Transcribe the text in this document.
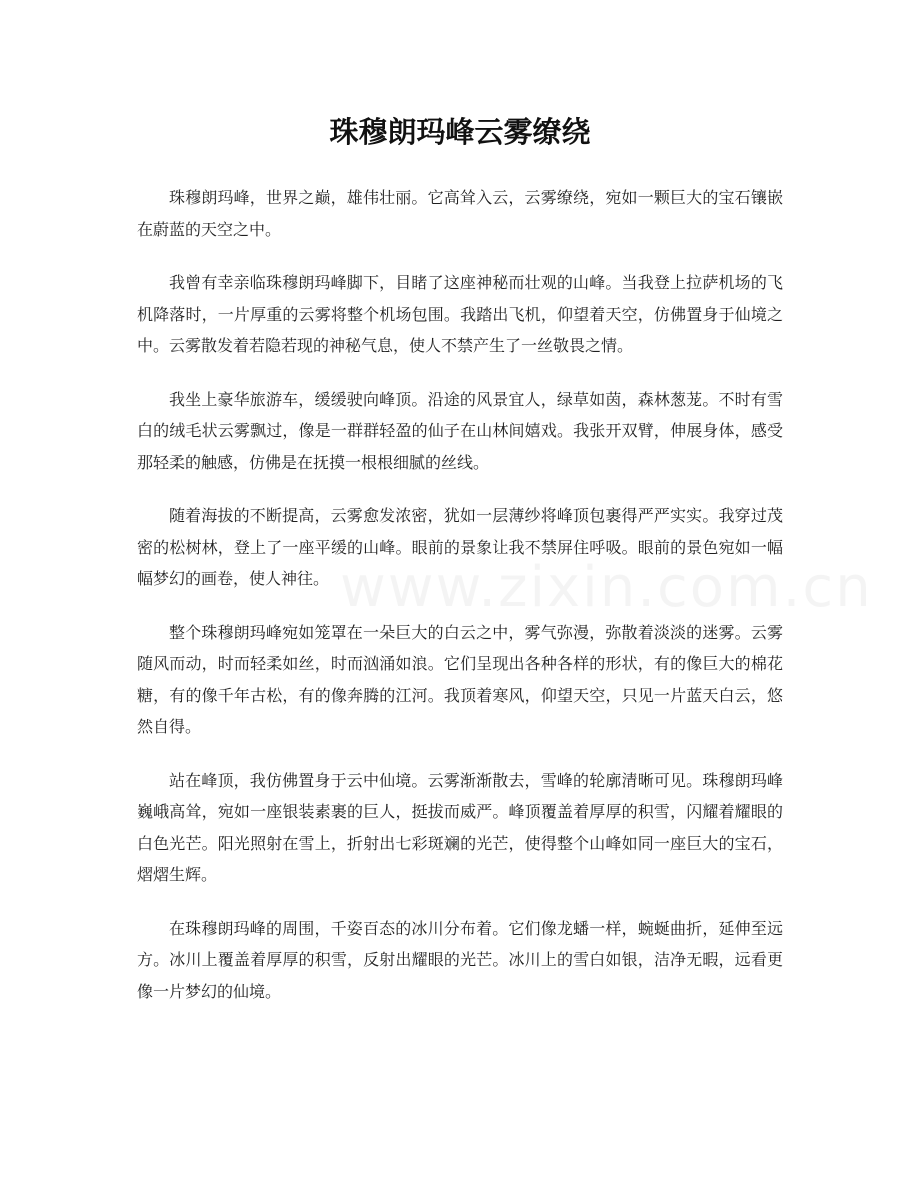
珠穆朗玛峰云雾缭绕

珠穆朗玛峰，世界之巅，雄伟壮丽。它高耸入云，云雾缭绕，宛如一颗巨大的宝石镶嵌在蔚蓝的天空之中。

我曾有幸亲临珠穆朗玛峰脚下，目睹了这座神秘而壮观的山峰。当我登上拉萨机场的飞机降落时，一片厚重的云雾将整个机场包围。我踏出飞机，仰望着天空，仿佛置身于仙境之中。云雾散发着若隐若现的神秘气息，使人不禁产生了一丝敬畏之情。

我坐上豪华旅游车，缓缓驶向峰顶。沿途的风景宜人，绿草如茵，森林葱茏。不时有雪白的绒毛状云雾飘过，像是一群群轻盈的仙子在山林间嬉戏。我张开双臂，伸展身体，感受那轻柔的触感，仿佛是在抚摸一根根细腻的丝线。

随着海拔的不断提高，云雾愈发浓密，犹如一层薄纱将峰顶包裹得严严实实。我穿过茂密的松树林，登上了一座平缓的山峰。眼前的景象让我不禁屏住呼吸。眼前的景色宛如一幅幅梦幻的画卷，使人神往。

整个珠穆朗玛峰宛如笼罩在一朵巨大的白云之中，雾气弥漫，弥散着淡淡的迷雾。云雾随风而动，时而轻柔如丝，时而汹涌如浪。它们呈现出各种各样的形状，有的像巨大的棉花糖，有的像千年古松，有的像奔腾的江河。我顶着寒风，仰望天空，只见一片蓝天白云，悠然自得。

站在峰顶，我仿佛置身于云中仙境。云雾渐渐散去，雪峰的轮廓清晰可见。珠穆朗玛峰巍峨高耸，宛如一座银装素裹的巨人，挺拔而威严。峰顶覆盖着厚厚的积雪，闪耀着耀眼的白色光芒。阳光照射在雪上，折射出七彩斑斓的光芒，使得整个山峰如同一座巨大的宝石，熠熠生辉。

在珠穆朗玛峰的周围，千姿百态的冰川分布着。它们像龙蟠一样，蜿蜒曲折，延伸至远方。冰川上覆盖着厚厚的积雪，反射出耀眼的光芒。冰川上的雪白如银，洁净无暇，远看更像一片梦幻的仙境。
